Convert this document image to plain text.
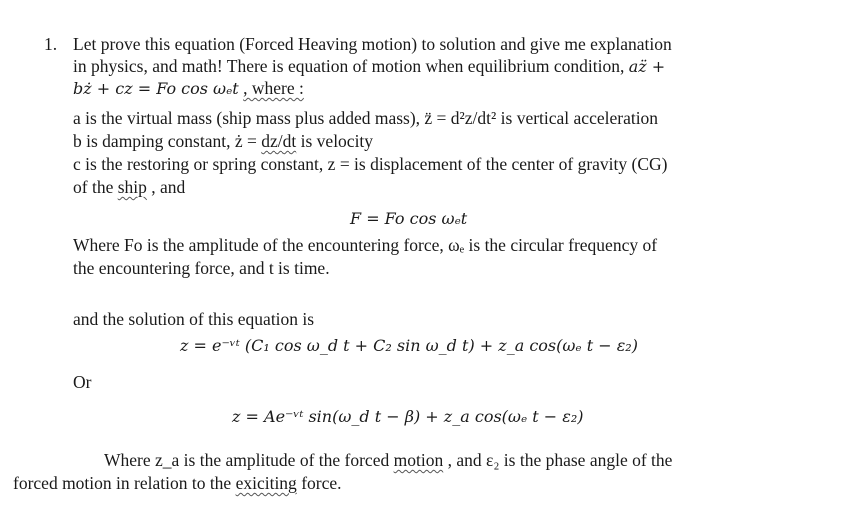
1. Let prove this equation (Forced Heaving motion) to solution and give me explanation
in physics, and math! There is equation of motion when equilibrium condition, az̈ +
bż + cz = Fo cos ωₑt , where :
a is the virtual mass (ship mass plus added mass), z̈ = d²z/dt² is vertical acceleration
b is damping constant, ż = dz/dt is velocity
c is the restoring or spring constant, z = is displacement of the center of gravity (CG)
of the ship , and
F = Fo cos ωₑt
Where Fo is the amplitude of the encountering force, ωₑ is the circular frequency of
the encountering force, and t is time.
and the solution of this equation is
z = e⁻ᵛᵗ (C₁ cos ω_d t + C₂ sin ω_d t) + z_a cos(ωₑ t − ε₂)
Or
z = Ae⁻ᵛᵗ sin(ω_d t − β) + z_a cos(ωₑ t − ε₂)
Where z_a is the amplitude of the forced motion , and ε₂ is the phase angle of the
forced motion in relation to the exiciting force.
